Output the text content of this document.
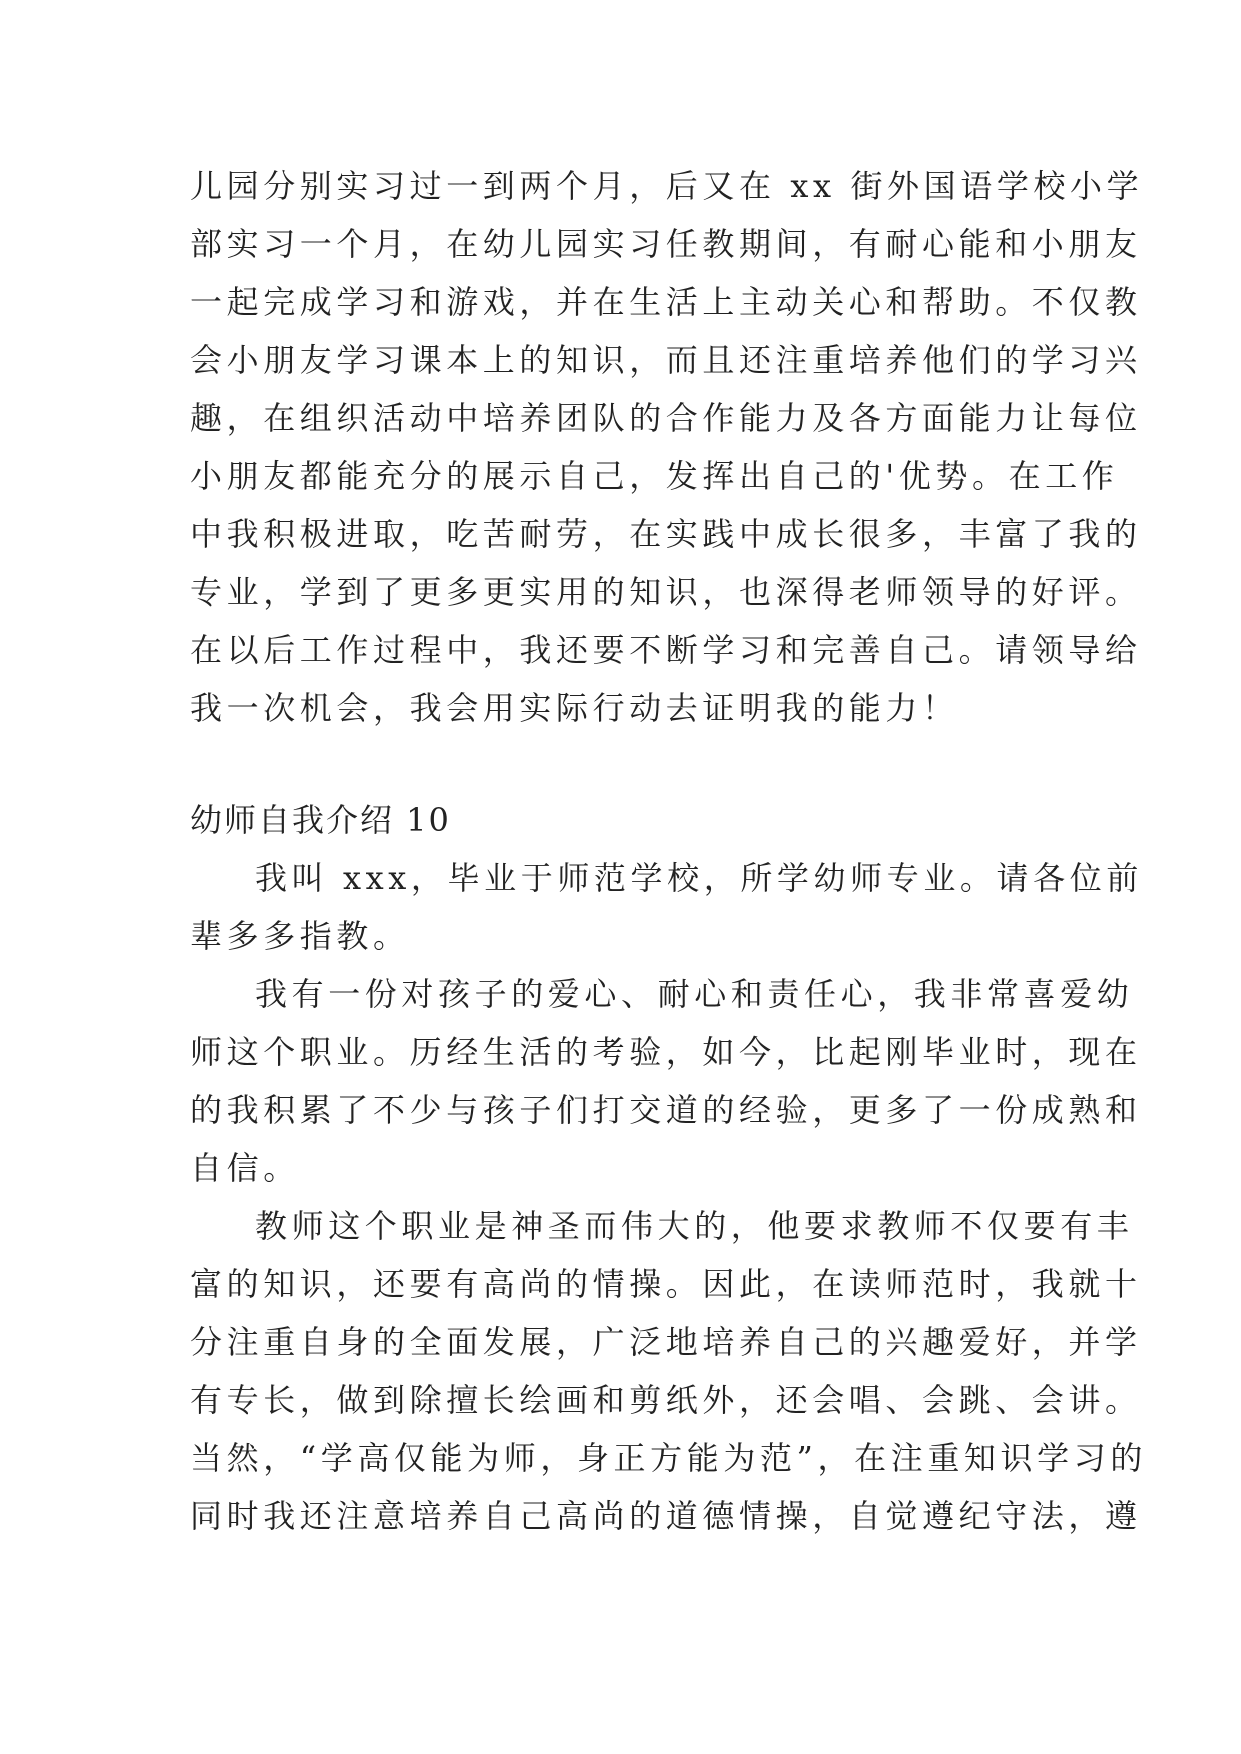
儿园分别实习过一到两个月，后又在 xx 街外国语学校小学
部实习一个月，在幼儿园实习任教期间，有耐心能和小朋友
一起完成学习和游戏，并在生活上主动关心和帮助。不仅教
会小朋友学习课本上的知识，而且还注重培养他们的学习兴
趣，在组织活动中培养团队的合作能力及各方面能力让每位
小朋友都能充分的展示自己，发挥出自己的'优势。在工作
中我积极进取，吃苦耐劳，在实践中成长很多，丰富了我的
专业，学到了更多更实用的知识，也深得老师领导的好评。
在以后工作过程中，我还要不断学习和完善自己。请领导给
我一次机会，我会用实际行动去证明我的能力！
幼师自我介绍 10
我叫 xxx，毕业于师范学校，所学幼师专业。请各位前
辈多多指教。
我有一份对孩子的爱心、耐心和责任心，我非常喜爱幼
师这个职业。历经生活的考验，如今，比起刚毕业时，现在
的我积累了不少与孩子们打交道的经验，更多了一份成熟和
自信。
教师这个职业是神圣而伟大的，他要求教师不仅要有丰
富的知识，还要有高尚的情操。因此，在读师范时，我就十
分注重自身的全面发展，广泛地培养自己的兴趣爱好，并学
有专长，做到除擅长绘画和剪纸外，还会唱、会跳、会讲。
当然，“学高仅能为师，身正方能为范”，在注重知识学习的
同时我还注意培养自己高尚的道德情操，自觉遵纪守法，遵
